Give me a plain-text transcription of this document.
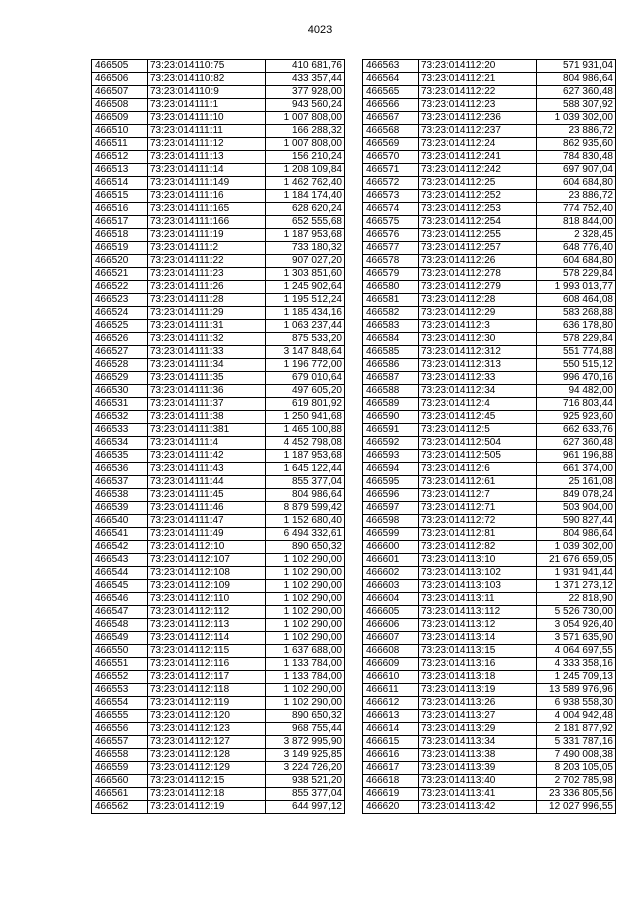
4023
466505	73:23:014110:75	410 681,76
466506	73:23:014110:82	433 357,44
466507	73:23:014110:9	377 928,00
466508	73:23:014111:1	943 560,24
466509	73:23:014111:10	1 007 808,00
466510	73:23:014111:11	166 288,32
466511	73:23:014111:12	1 007 808,00
466512	73:23:014111:13	156 210,24
466513	73:23:014111:14	1 208 109,84
466514	73:23:014111:149	1 462 762,40
466515	73:23:014111:16	1 184 174,40
466516	73:23:014111:165	628 620,24
466517	73:23:014111:166	652 555,68
466518	73:23:014111:19	1 187 953,68
466519	73:23:014111:2	733 180,32
466520	73:23:014111:22	907 027,20
466521	73:23:014111:23	1 303 851,60
466522	73:23:014111:26	1 245 902,64
466523	73:23:014111:28	1 195 512,24
466524	73:23:014111:29	1 185 434,16
466525	73:23:014111:31	1 063 237,44
466526	73:23:014111:32	875 533,20
466527	73:23:014111:33	3 147 848,64
466528	73:23:014111:34	1 196 772,00
466529	73:23:014111:35	679 010,64
466530	73:23:014111:36	497 605,20
466531	73:23:014111:37	619 801,92
466532	73:23:014111:38	1 250 941,68
466533	73:23:014111:381	1 465 100,88
466534	73:23:014111:4	4 452 798,08
466535	73:23:014111:42	1 187 953,68
466536	73:23:014111:43	1 645 122,44
466537	73:23:014111:44	855 377,04
466538	73:23:014111:45	804 986,64
466539	73:23:014111:46	8 879 599,42
466540	73:23:014111:47	1 152 680,40
466541	73:23:014111:49	6 494 332,61
466542	73:23:014112:10	890 650,32
466543	73:23:014112:107	1 102 290,00
466544	73:23:014112:108	1 102 290,00
466545	73:23:014112:109	1 102 290,00
466546	73:23:014112:110	1 102 290,00
466547	73:23:014112:112	1 102 290,00
466548	73:23:014112:113	1 102 290,00
466549	73:23:014112:114	1 102 290,00
466550	73:23:014112:115	1 637 688,00
466551	73:23:014112:116	1 133 784,00
466552	73:23:014112:117	1 133 784,00
466553	73:23:014112:118	1 102 290,00
466554	73:23:014112:119	1 102 290,00
466555	73:23:014112:120	890 650,32
466556	73:23:014112:123	968 755,44
466557	73:23:014112:127	3 872 995,90
466558	73:23:014112:128	3 149 925,85
466559	73:23:014112:129	3 224 726,20
466560	73:23:014112:15	938 521,20
466561	73:23:014112:18	855 377,04
466562	73:23:014112:19	644 997,12
466563	73:23:014112:20	571 931,04
466564	73:23:014112:21	804 986,64
466565	73:23:014112:22	627 360,48
466566	73:23:014112:23	588 307,92
466567	73:23:014112:236	1 039 302,00
466568	73:23:014112:237	23 886,72
466569	73:23:014112:24	862 935,60
466570	73:23:014112:241	784 830,48
466571	73:23:014112:242	697 907,04
466572	73:23:014112:25	604 684,80
466573	73:23:014112:252	23 886,72
466574	73:23:014112:253	774 752,40
466575	73:23:014112:254	818 844,00
466576	73:23:014112:255	2 328,45
466577	73:23:014112:257	648 776,40
466578	73:23:014112:26	604 684,80
466579	73:23:014112:278	578 229,84
466580	73:23:014112:279	1 993 013,77
466581	73:23:014112:28	608 464,08
466582	73:23:014112:29	583 268,88
466583	73:23:014112:3	636 178,80
466584	73:23:014112:30	578 229,84
466585	73:23:014112:312	551 774,88
466586	73:23:014112:313	550 515,12
466587	73:23:014112:33	996 470,16
466588	73:23:014112:34	94 482,00
466589	73:23:014112:4	716 803,44
466590	73:23:014112:45	925 923,60
466591	73:23:014112:5	662 633,76
466592	73:23:014112:504	627 360,48
466593	73:23:014112:505	961 196,88
466594	73:23:014112:6	661 374,00
466595	73:23:014112:61	25 161,08
466596	73:23:014112:7	849 078,24
466597	73:23:014112:71	503 904,00
466598	73:23:014112:72	590 827,44
466599	73:23:014112:81	804 986,64
466600	73:23:014112:82	1 039 302,00
466601	73:23:014113:10	21 676 659,05
466602	73:23:014113:102	1 931 941,44
466603	73:23:014113:103	1 371 273,12
466604	73:23:014113:11	22 818,90
466605	73:23:014113:112	5 526 730,00
466606	73:23:014113:12	3 054 926,40
466607	73:23:014113:14	3 571 635,90
466608	73:23:014113:15	4 064 697,55
466609	73:23:014113:16	4 333 358,16
466610	73:23:014113:18	1 245 709,13
466611	73:23:014113:19	13 589 976,96
466612	73:23:014113:26	6 938 558,30
466613	73:23:014113:27	4 004 942,48
466614	73:23:014113:29	2 181 877,92
466615	73:23:014113:34	5 331 787,16
466616	73:23:014113:38	7 490 008,38
466617	73:23:014113:39	8 203 105,05
466618	73:23:014113:40	2 702 785,98
466619	73:23:014113:41	23 336 805,56
466620	73:23:014113:42	12 027 996,55
